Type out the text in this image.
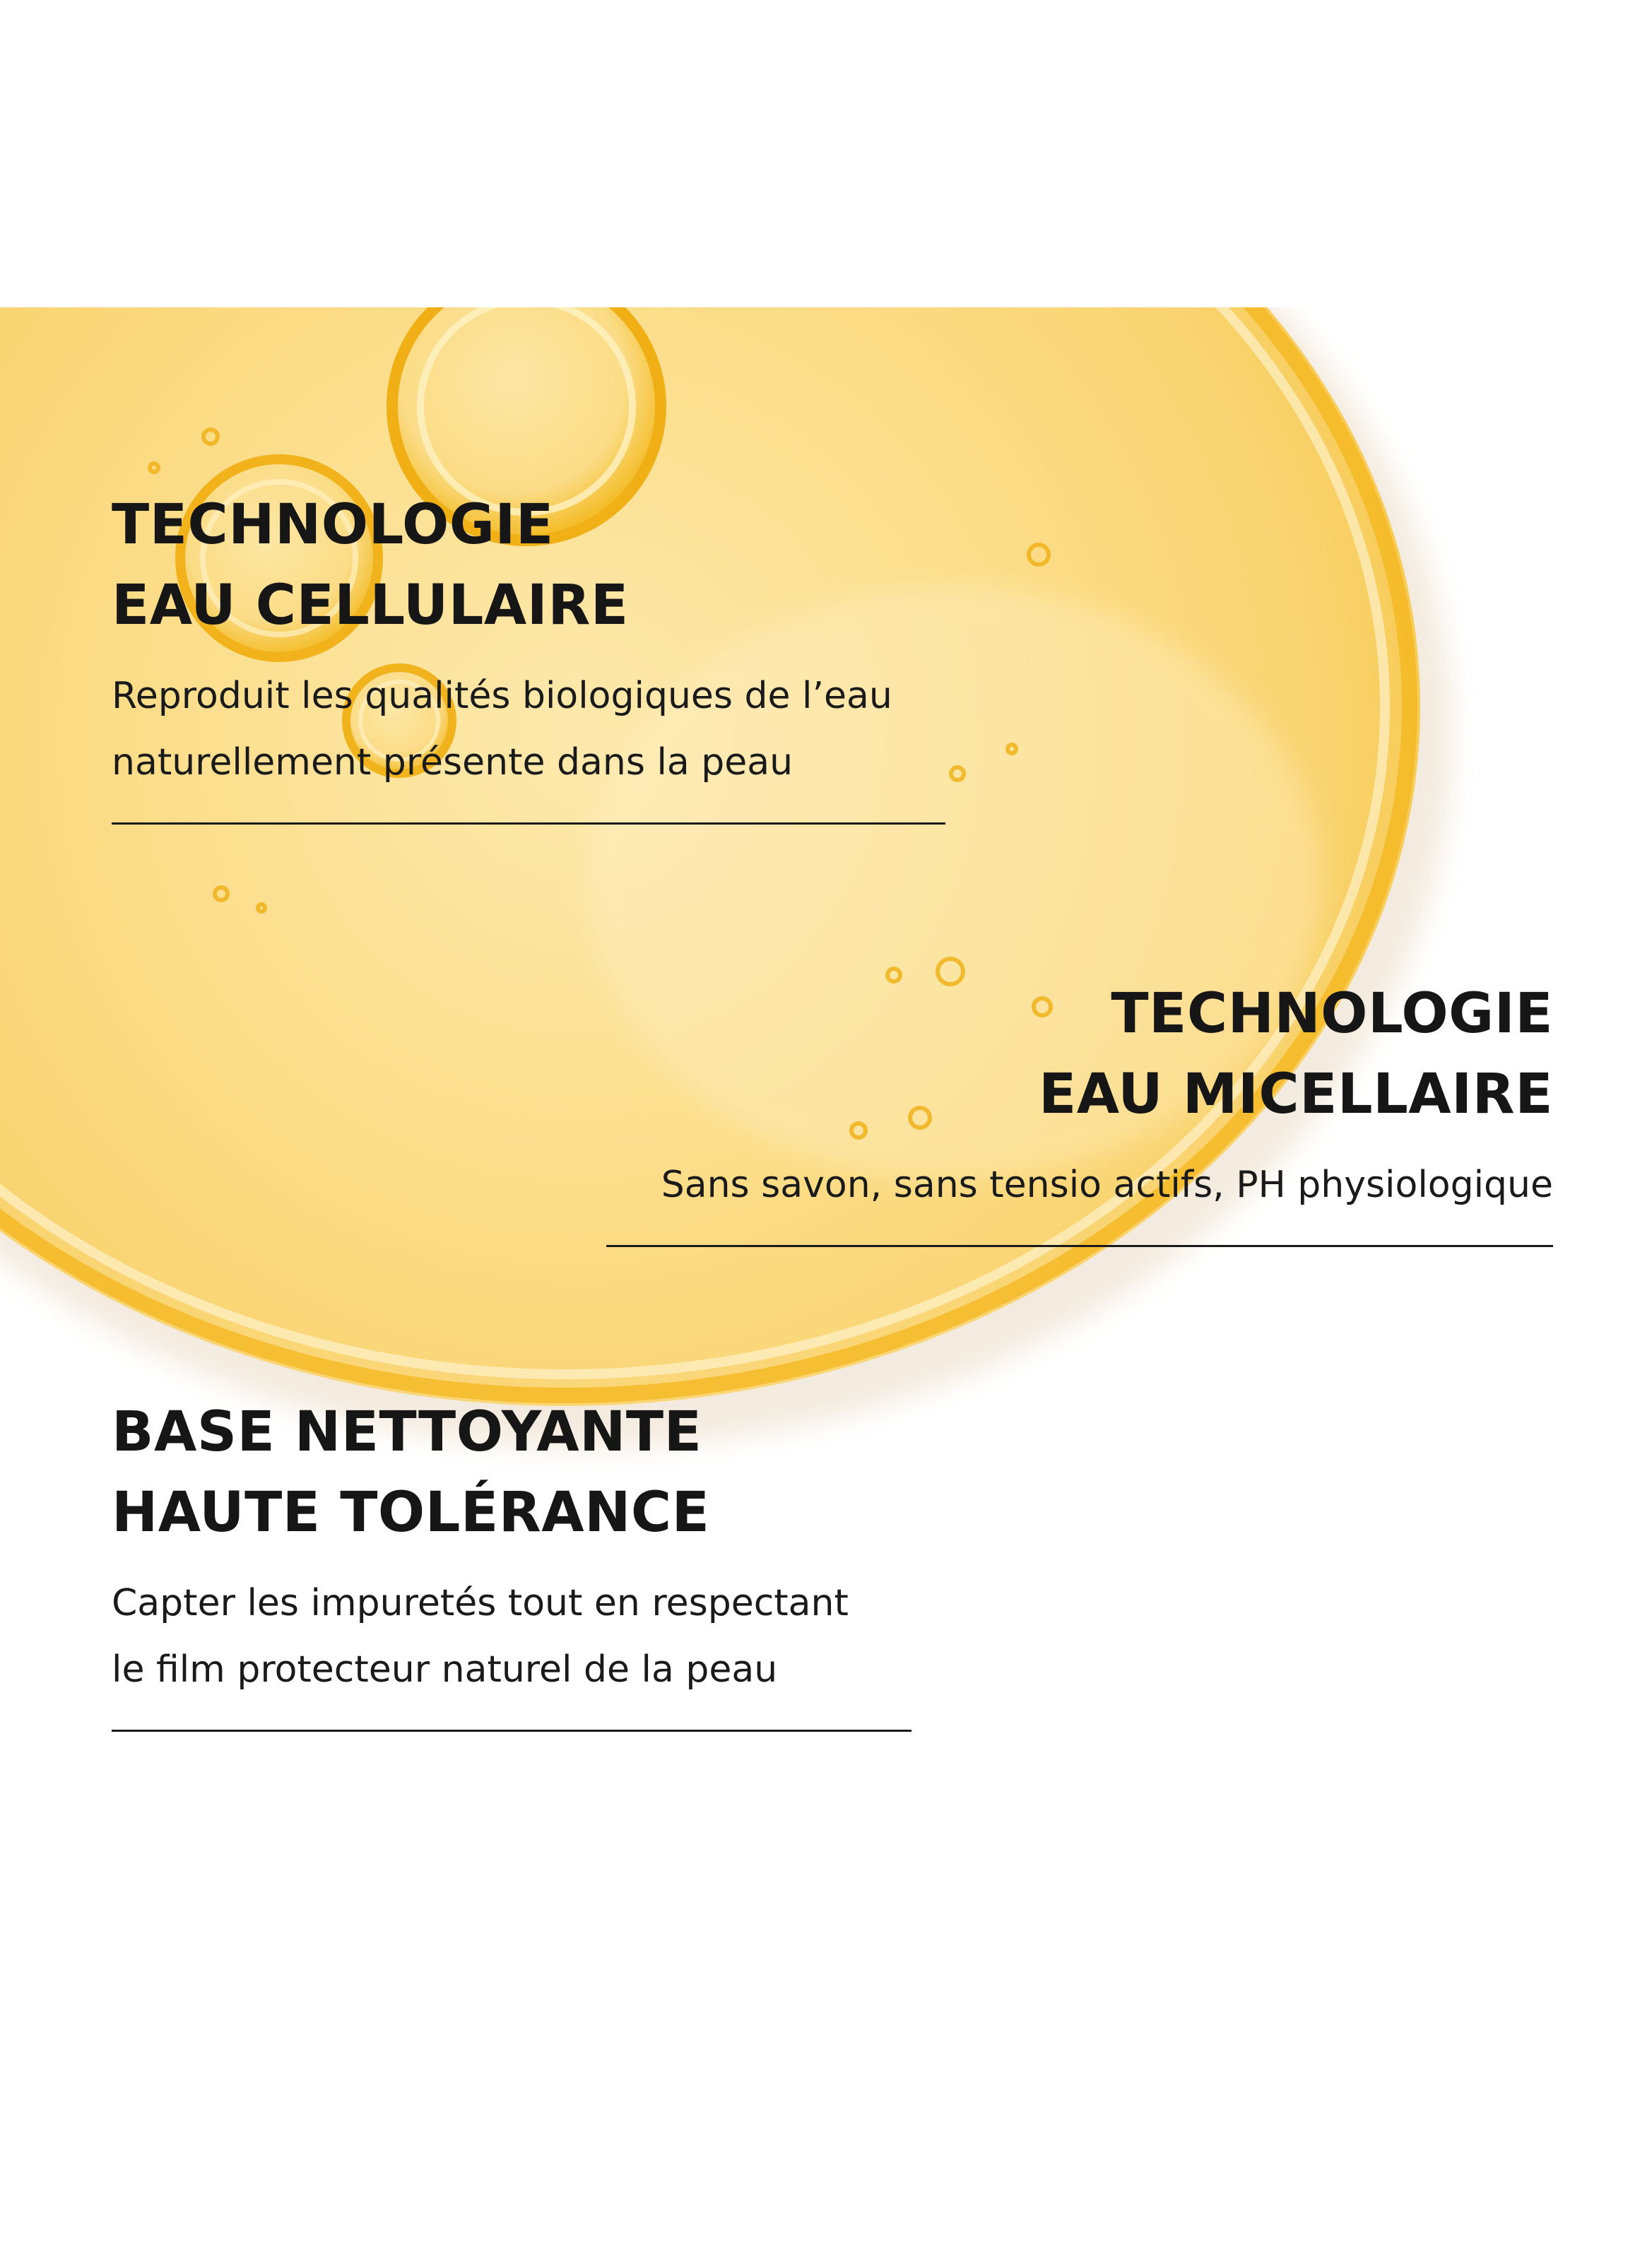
TECHNOLOGIE
EAU CELLULAIRE
Reproduit les qualités biologiques de l’eau
naturellement présente dans la peau
TECHNOLOGIE
EAU MICELLAIRE
Sans savon, sans tensio actifs, PH physiologique
BASE NETTOYANTE
HAUTE TOLÉRANCE
Capter les impuretés tout en respectant
le film protecteur naturel de la peau
